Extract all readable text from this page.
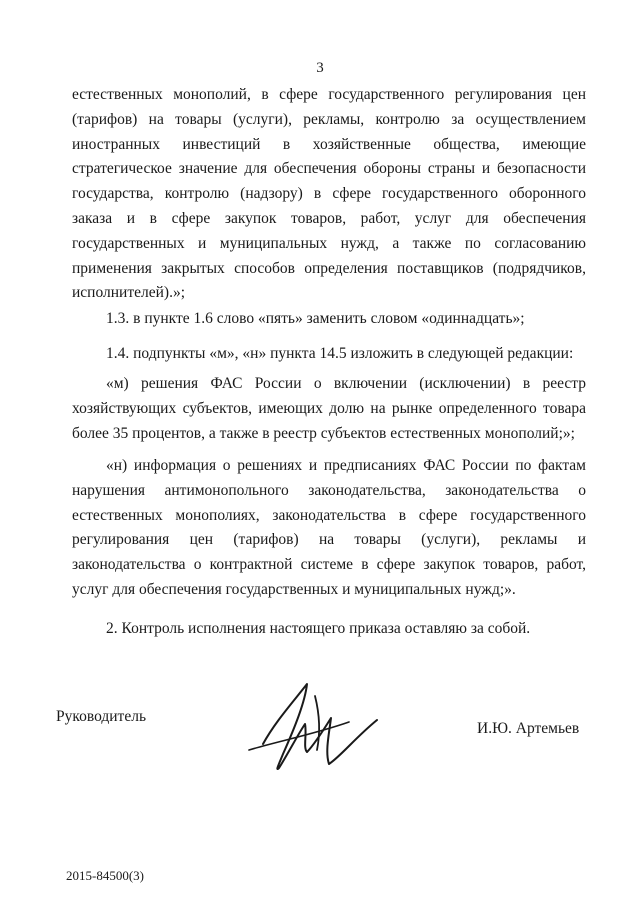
3

естественных монополий, в сфере государственного регулирования цен (тарифов) на товары (услуги), рекламы, контролю за осуществлением иностранных инвестиций в хозяйственные общества, имеющие стратегическое значение для обеспечения обороны страны и безопасности государства, контролю (надзору) в сфере государственного оборонного заказа и в сфере закупок товаров, работ, услуг для обеспечения государственных и муниципальных нужд, а также по согласованию применения закрытых способов определения поставщиков (подрядчиков, исполнителей).»;

1.3. в пункте 1.6 слово «пять» заменить словом «одиннадцать»;

1.4. подпункты «м», «н» пункта 14.5 изложить в следующей редакции:

«м) решения ФАС России о включении (исключении) в реестр хозяйствующих субъектов, имеющих долю на рынке определенного товара более 35 процентов, а также в реестр субъектов естественных монополий;»;

«н) информация о решениях и предписаниях ФАС России по фактам нарушения антимонопольного законодательства, законодательства о естественных монополиях, законодательства в сфере государственного регулирования цен (тарифов) на товары (услуги), рекламы и законодательства о контрактной системе в сфере закупок товаров, работ, услуг для обеспечения государственных и муниципальных нужд;».

2. Контроль исполнения настоящего приказа оставляю за собой.

Руководитель
И.Ю. Артемьев
2015-84500(3)
